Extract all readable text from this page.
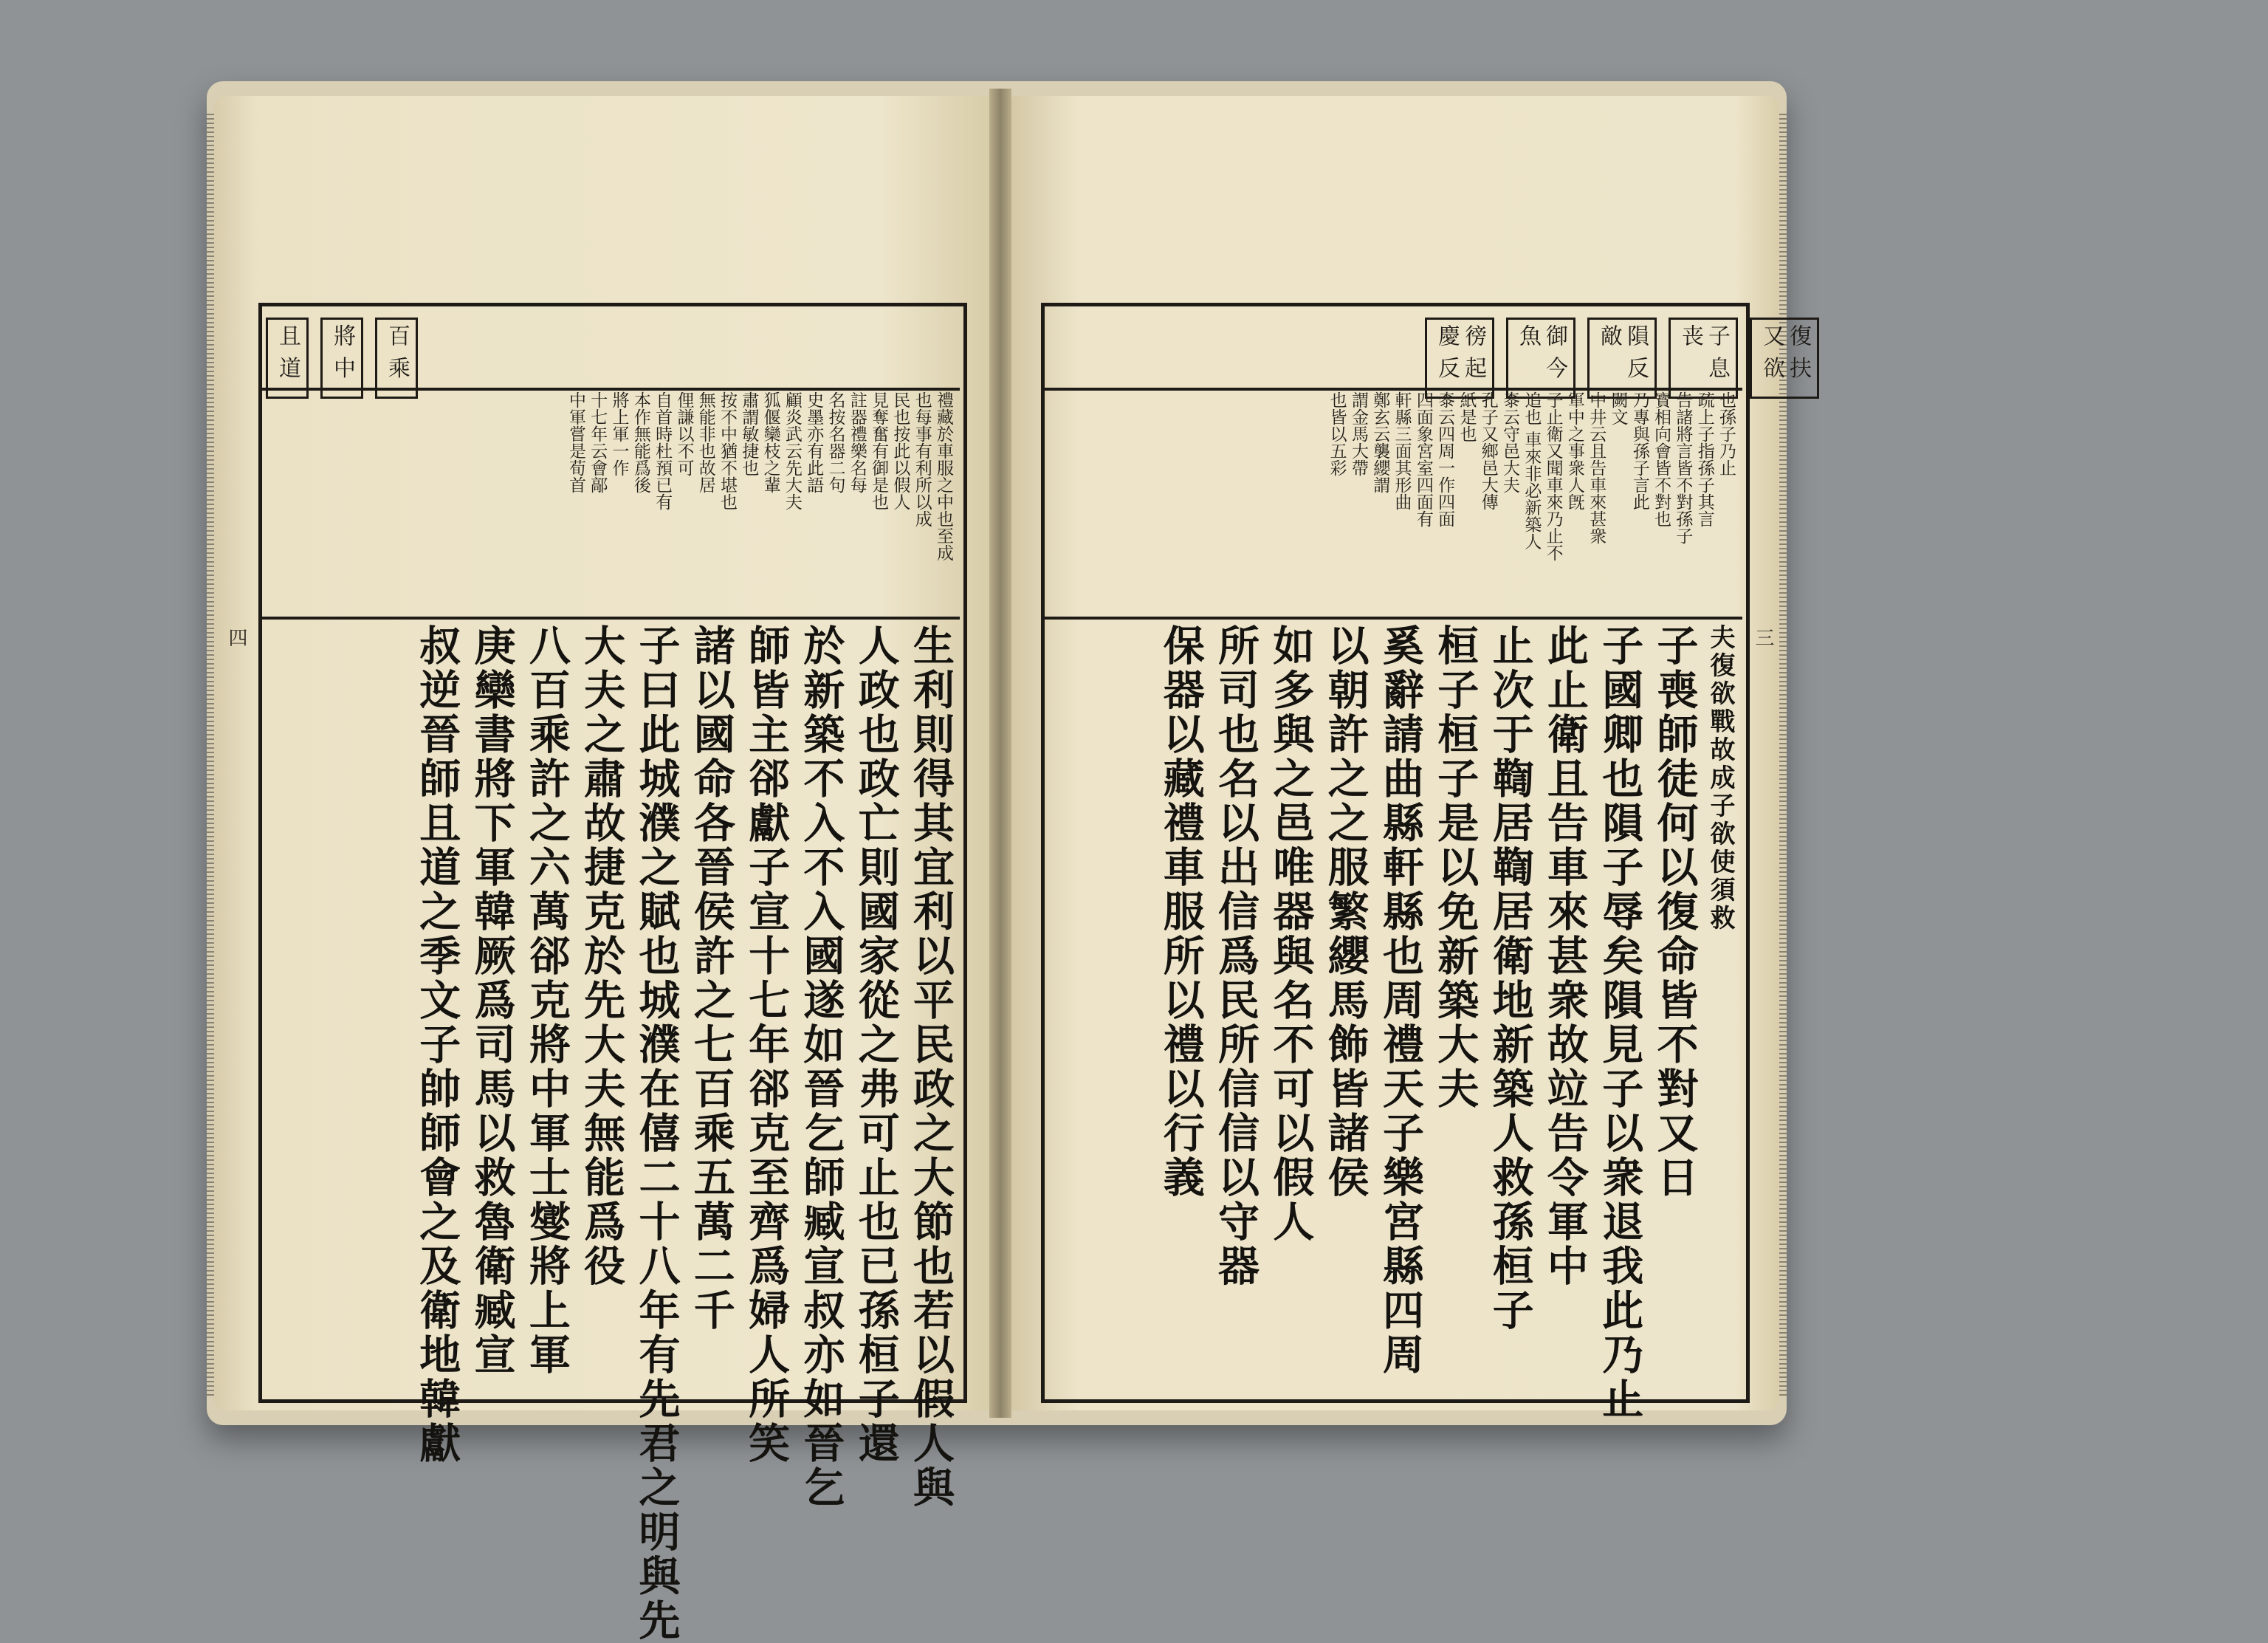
百 乘
將 中
且 道
禮藏於車服之中也至成
也每事有利所以成
民也按此以假人
見奪奮有御是也
註器禮樂名每
名按名器二句
史墨亦有此語
顧炎武云先大夫
狐偃欒枝之輩
肅謂敏捷也
按不中猶不堪也
無能非也故居
俚謙以不可
自首時杜預已有
本作無能爲後
將上軍一作
十七年云會鄗
中軍嘗是荀首
生利則得其宜利以平民政之大節也若以假人與
人政也政亡則國家從之弗可止也已孫桓子還
於新築不入不入國遂如晉乞師臧宣叔亦如晉乞
師皆主郤獻子宣十七年郤克至齊爲婦人所笑
諸以國命各晉侯許之七百乘五萬二千
子曰此城濮之賦也城濮在僖二十八年有先君之明與先
大夫之肅故捷克於先大夫無能爲役
八百乘許之六萬郤克將中軍士燮將上軍
庚欒書將下軍韓厥爲司馬以救魯衛臧宣
叔逆晉師且道之季文子帥師會之及衛地韓獻
四
復 扶又 欲
子 息 丧
隕 反 敵
御 今 魚
徬 起 慶 反
也孫子乃止
疏上子指孫子其言
告諸將言皆不對孫子
寳相向會皆不對也
乃專與孫子言此
闕文
中井云且告車來甚衆
軍中之事衆人旣
子止衛又聞車來乃止不
追也 車來非必新築人
桼云守邑大夫
孔子又鄉邑大傳
紙是也
桼云四周一作四面
四面象宮室四面有
軒縣三面其形曲
鄭玄云襲纓謂
謂金馬大帶
也皆以五彩
夫復欲戰故成子欲使須救
子喪師徒何以復命皆不對又日
子國卿也隕子辱矣隕見子以衆退我此乃止
此止衛且告車來甚衆故竝告令軍中
止次于鞫居鞫居衛地新築人救孫桓子
桓子桓子是以免新築大夫
奚辭請曲縣軒縣也周禮天子樂宮縣四周
以朝許之之服繁纓馬飾皆諸侯
如多與之邑唯器與名不可以假人
所司也名以出信爲民所信信以守器
保器以藏禮車服所以禮以行義	三
